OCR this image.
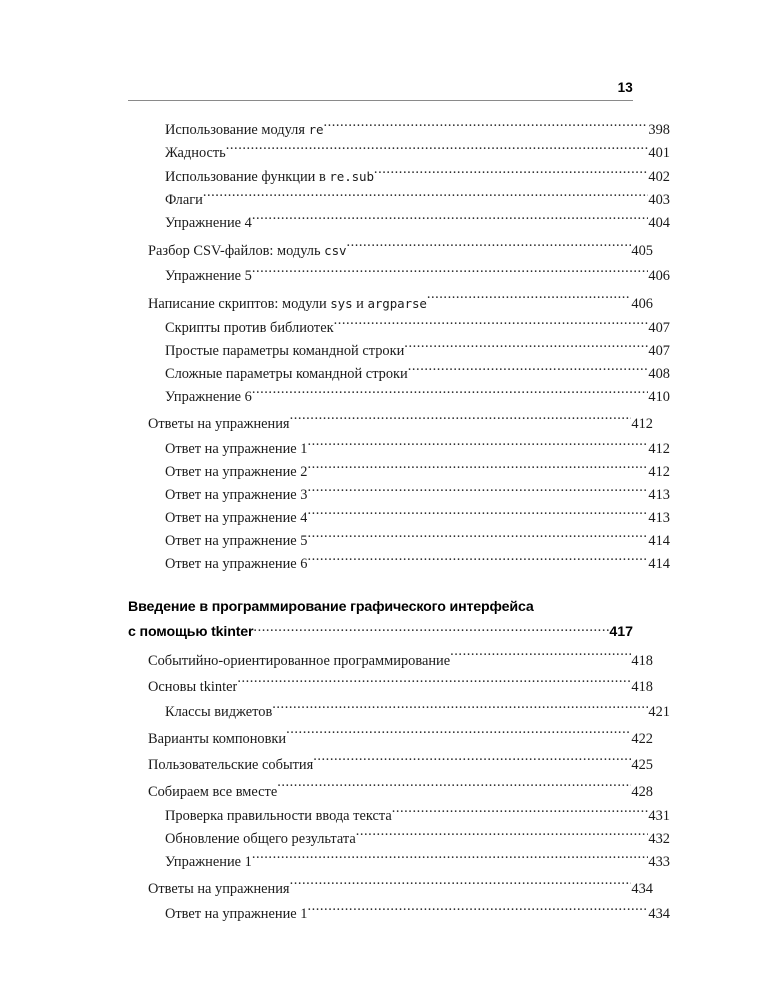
13
Использование модуля re .....	398
Жадность .....	401
Использование функции в re.sub .....	402
Флаги .....	403
Упражнение 4 .....	404
Разбор CSV-файлов: модуль csv .....	405
Упражнение 5 .....	406
Написание скриптов: модули sys и argparse .....	406
Скрипты против библиотек .....	407
Простые параметры командной строки .....	407
Сложные параметры командной строки .....	408
Упражнение 6 .....	410
Ответы на упражнения .....	412
Ответ на упражнение 1 .....	412
Ответ на упражнение 2 .....	412
Ответ на упражнение 3 .....	413
Ответ на упражнение 4 .....	413
Ответ на упражнение 5 .....	414
Ответ на упражнение 6 .....	414
Введение в программирование графического интерфейса
с помощью tkinter .....	417
Событийно-ориентированное программирование .....	418
Основы tkinter .....	418
Классы виджетов .....	421
Варианты компоновки .....	422
Пользовательские события .....	425
Собираем все вместе .....	428
Проверка правильности ввода текста .....	431
Обновление общего результата .....	432
Упражнение 1 .....	433
Ответы на упражнения .....	434
Ответ на упражнение 1 .....	434
